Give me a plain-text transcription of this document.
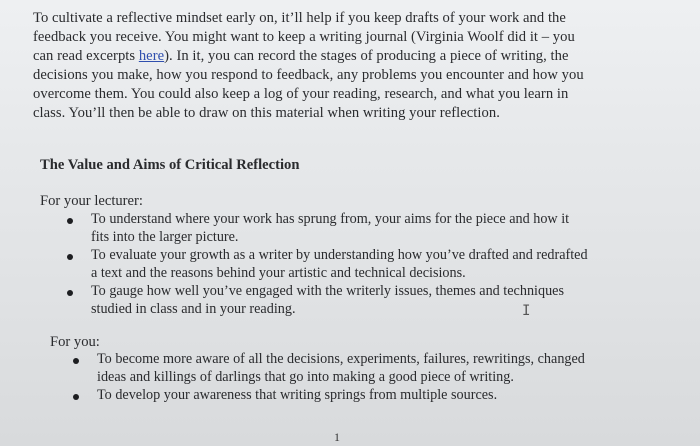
To cultivate a reflective mindset early on, it’ll help if you keep drafts of your work and the
feedback you receive. You might want to keep a writing journal (Virginia Woolf did it – you
can read excerpts here). In it, you can record the stages of producing a piece of writing, the
decisions you make, how you respond to feedback, any problems you encounter and how you
overcome them. You could also keep a log of your reading, research, and what you learn in
class. You’ll then be able to draw on this material when writing your reflection.
The Value and Aims of Critical Reflection
For your lecturer:
To understand where your work has sprung from, your aims for the piece and how it
fits into the larger picture.
To evaluate your growth as a writer by understanding how you’ve drafted and redrafted
a text and the reasons behind your artistic and technical decisions.
To gauge how well you’ve engaged with the writerly issues, themes and techniques
studied in class and in your reading.	I
For you:
To become more aware of all the decisions, experiments, failures, rewritings, changed
ideas and killings of darlings that go into making a good piece of writing.
To develop your awareness that writing springs from multiple sources.
1
